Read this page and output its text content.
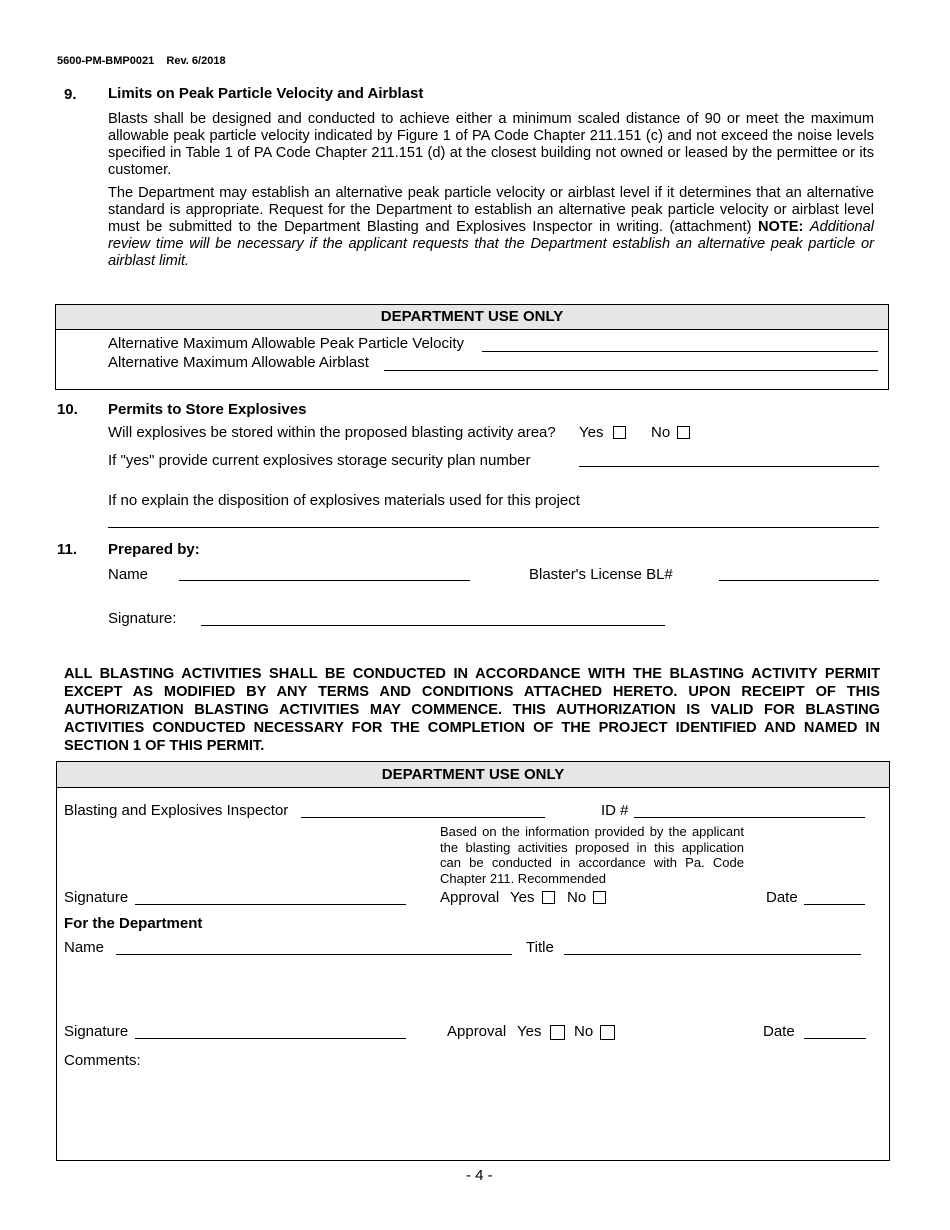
5600-PM-BMP0021    Rev. 6/2018
9. Limits on Peak Particle Velocity and Airblast
Blasts shall be designed and conducted to achieve either a minimum scaled distance of 90 or meet the maximum allowable peak particle velocity indicated by Figure 1 of PA Code Chapter 211.151 (c) and not exceed the noise levels specified in Table 1 of PA Code Chapter 211.151 (d) at the closest building not owned or leased by the permittee or its customer.
The Department may establish an alternative peak particle velocity or airblast level if it determines that an alternative standard is appropriate. Request for the Department to establish an alternative peak particle velocity or airblast level must be submitted to the Department Blasting and Explosives Inspector in writing. (attachment) NOTE: Additional review time will be necessary if the applicant requests that the Department establish an alternative peak particle or airblast limit.
DEPARTMENT USE ONLY
Alternative Maximum Allowable Peak Particle Velocity
Alternative Maximum Allowable Airblast
10. Permits to Store Explosives
Will explosives be stored within the proposed blasting activity area? Yes	No
If "yes" provide current explosives storage security plan number
If no explain the disposition of explosives materials used for this project
11. Prepared by:
Name	Blaster's License BL#
Signature:
ALL BLASTING ACTIVITIES SHALL BE CONDUCTED IN ACCORDANCE WITH THE BLASTING ACTIVITY PERMIT EXCEPT AS MODIFIED BY ANY TERMS AND CONDITIONS ATTACHED HERETO. UPON RECEIPT OF THIS AUTHORIZATION BLASTING ACTIVITIES MAY COMMENCE. THIS AUTHORIZATION IS VALID FOR BLASTING ACTIVITIES CONDUCTED NECESSARY FOR THE COMPLETION OF THE PROJECT IDENTIFIED AND NAMED IN SECTION 1 OF THIS PERMIT.
DEPARTMENT USE ONLY
Blasting and Explosives Inspector	ID #
Based on the information provided by the applicant the blasting activities proposed in this application can be conducted in accordance with Pa. Code Chapter 211. Recommended
Signature	Approval Yes No	Date
For the Department
Name	Title
Signature	Approval Yes No	Date
Comments:
- 4 -
